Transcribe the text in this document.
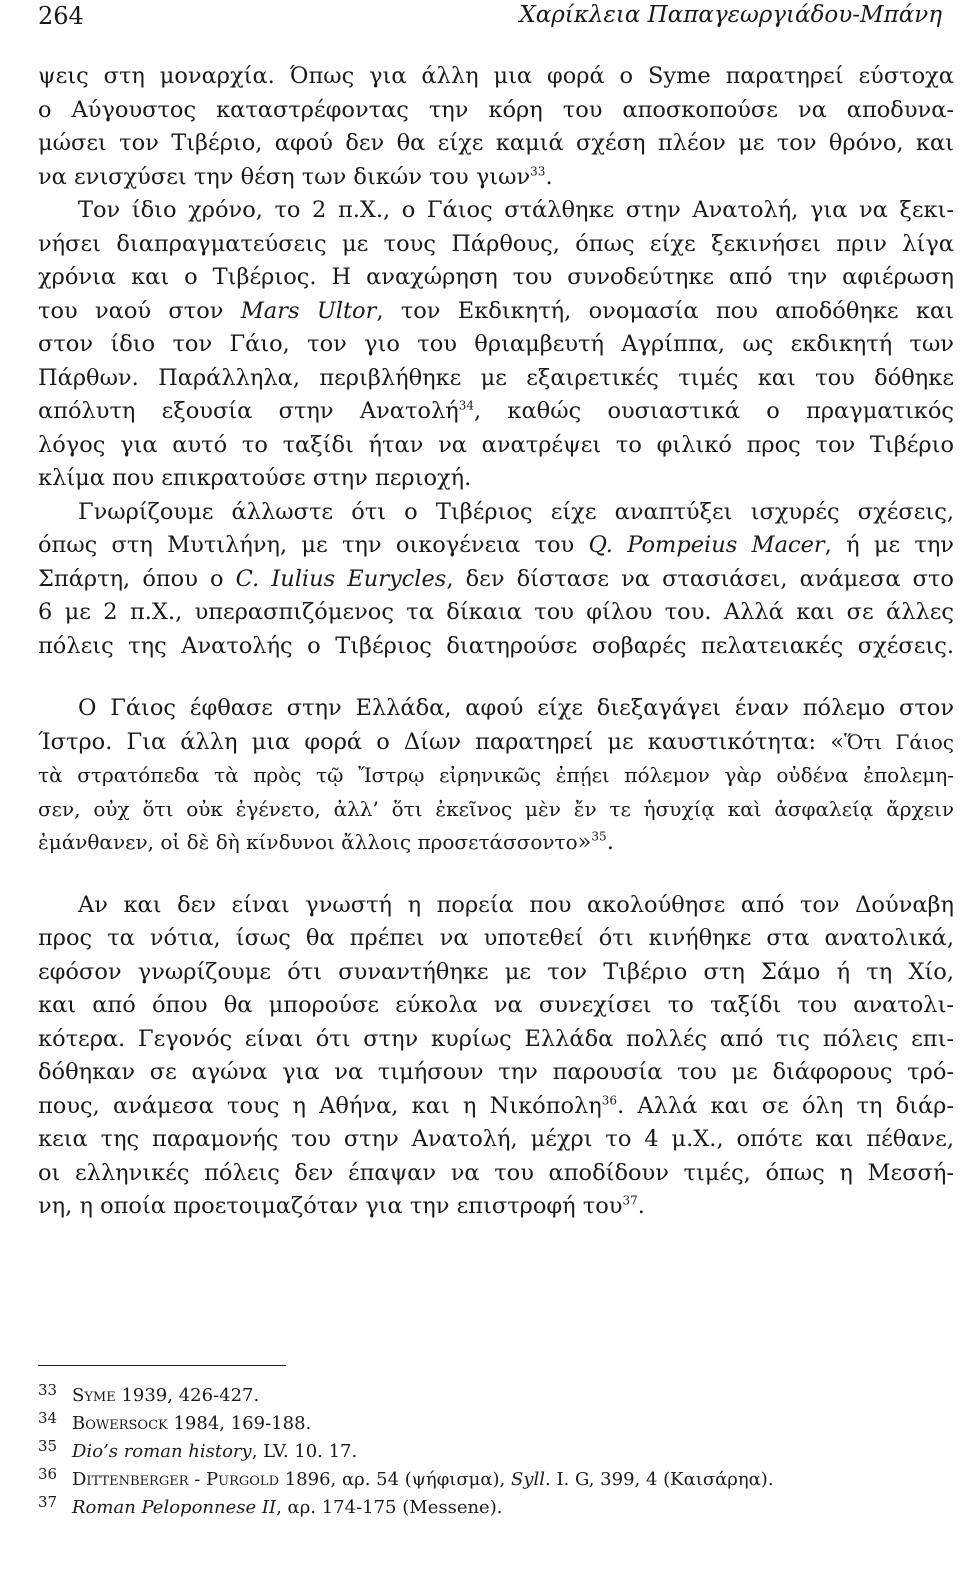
264	Χαρίκλεια Παπαγεωργιάδου-Μπάνη
ψεις στη μοναρχία. Όπως για άλλη μια φορά ο Syme παρατηρεί εύστοχα
ο Αύγουστος καταστρέφοντας την κόρη του αποσκοπούσε να αποδυνα-
μώσει τον Τιβέριο, αφού δεν θα είχε καμιά σχέση πλέον με τον θρόνο, και
να ενισχύσει την θέση των δικών του γιων$^{33}$.
Τον ίδιο χρόνο, το 2 π.Χ., ο Γάιος στάλθηκε στην Ανατολή, για να ξεκι-
νήσει διαπραγματεύσεις με τους Πάρθους, όπως είχε ξεκινήσει πριν λίγα
χρόνια και ο Τιβέριος. Η αναχώρηση του συνοδεύτηκε από την αφιέρωση
του ναού στον Mars Ultor, τον Εκδικητή, ονομασία που αποδόθηκε και
στον ίδιο τον Γάιο, τον γιο του θριαμβευτή Αγρίππα, ως εκδικητή των
Πάρθων. Παράλληλα, περιβλήθηκε με εξαιρετικές τιμές και του δόθηκε
απόλυτη εξουσία στην Ανατολή$^{34}$, καθώς ουσιαστικά ο πραγματικός
λόγος για αυτό το ταξίδι ήταν να ανατρέψει το φιλικό προς τον Τιβέριο
κλίμα που επικρατούσε στην περιοχή.
Γνωρίζουμε άλλωστε ότι ο Τιβέριος είχε αναπτύξει ισχυρές σχέσεις,
όπως στη Μυτιλήνη, με την οικογένεια του Q. Pompeius Macer, ή με την
Σπάρτη, όπου ο C. Iulius Eurycles, δεν δίστασε να στασιάσει, ανάμεσα στο
6 με 2 π.Χ., υπερασπιζόμενος τα δίκαια του φίλου του. Αλλά και σε άλλες
πόλεις της Ανατολής ο Τιβέριος διατηρούσε σοβαρές πελατειακές σχέσεις.
Ο Γάιος έφθασε στην Ελλάδα, αφού είχε διεξαγάγει έναν πόλεμο στον
Ίστρο. Για άλλη μια φορά ο Δίων παρατηρεί με καυστικότητα: «Ὅτι Γάιος
τὰ στρατόπεδα τὰ πρὸς τῷ Ἴστρῳ εἰρηνικῶς ἐπῄει πόλεμον γὰρ οὐδένα ἐπολεμη-
σεν, οὐχ ὅτι οὐκ ἐγένετο, ἀλλ’ ὅτι ἐκεῖνος μὲν ἔν τε ἡσυχίᾳ καὶ ἀσφαλείᾳ ἄρχειν
ἐμάνθανεν, οἱ δὲ δὴ κίνδυνοι ἄλλοις προσετάσσοντο»$^{35}$.
Αν και δεν είναι γνωστή η πορεία που ακολούθησε από τον Δούναβη
προς τα νότια, ίσως θα πρέπει να υποτεθεί ότι κινήθηκε στα ανατολικά,
εφόσον γνωρίζουμε ότι συναντήθηκε με τον Τιβέριο στη Σάμο ή τη Χίο,
και από όπου θα μπορούσε εύκολα να συνεχίσει το ταξίδι του ανατολι-
κότερα. Γεγονός είναι ότι στην κυρίως Ελλάδα πολλές από τις πόλεις επι-
δόθηκαν σε αγώνα για να τιμήσουν την παρουσία του με διάφορους τρό-
πους, ανάμεσα τους η Αθήνα, και η Νικόπολη$^{36}$. Αλλά και σε όλη τη διάρ-
κεια της παραμονής του στην Ανατολή, μέχρι το 4 μ.Χ., οπότε και πέθανε,
οι ελληνικές πόλεις δεν έπαψαν να του αποδίδουν τιμές, όπως η Μεσσή-
νη, η οποία προετοιμαζόταν για την επιστροφή του$^{37}$.
33 Syme 1939, 426-427.
34 Bowersock 1984, 169-188.
35 Dio’s roman history, LV. 10. 17.
36 Dittenberger - Purgold 1896, αρ. 54 (ψήφισμα), Syll. I. G, 399, 4 (Καισάρηα).
37 Roman Peloponnese II, αρ. 174-175 (Messene).
